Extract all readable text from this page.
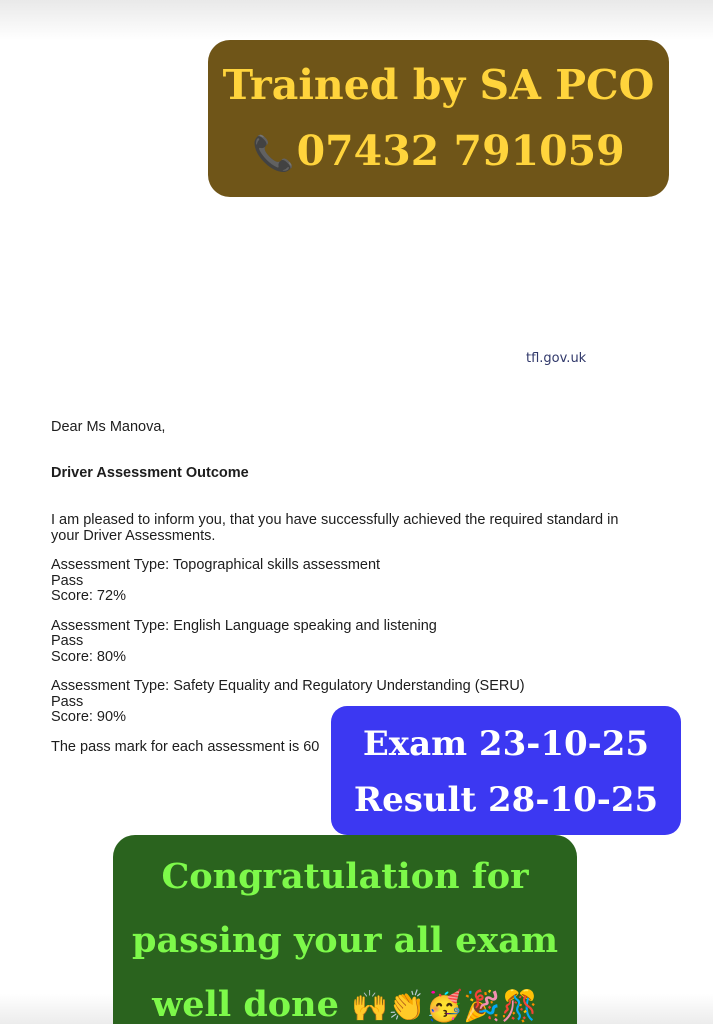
Trained by SA PCO
📞07432 791059
tfl.gov.uk

Dear Ms Manova,

Driver Assessment Outcome

I am pleased to inform you, that you have successfully achieved the required standard in

your Driver Assessments.

Assessment Type: Topographical skills assessment

Pass

Score: 72%

Assessment Type: English Language speaking and listening

Pass

Score: 80%

Assessment Type: Safety Equality and Regulatory Understanding (SERU)

Pass

Score: 90%

The pass mark for each assessment is 60	Exam 23-10-25
Result 28-10-25
Congratulation for
passing your all exam
well done 🙌👏🥳🎉🎊
